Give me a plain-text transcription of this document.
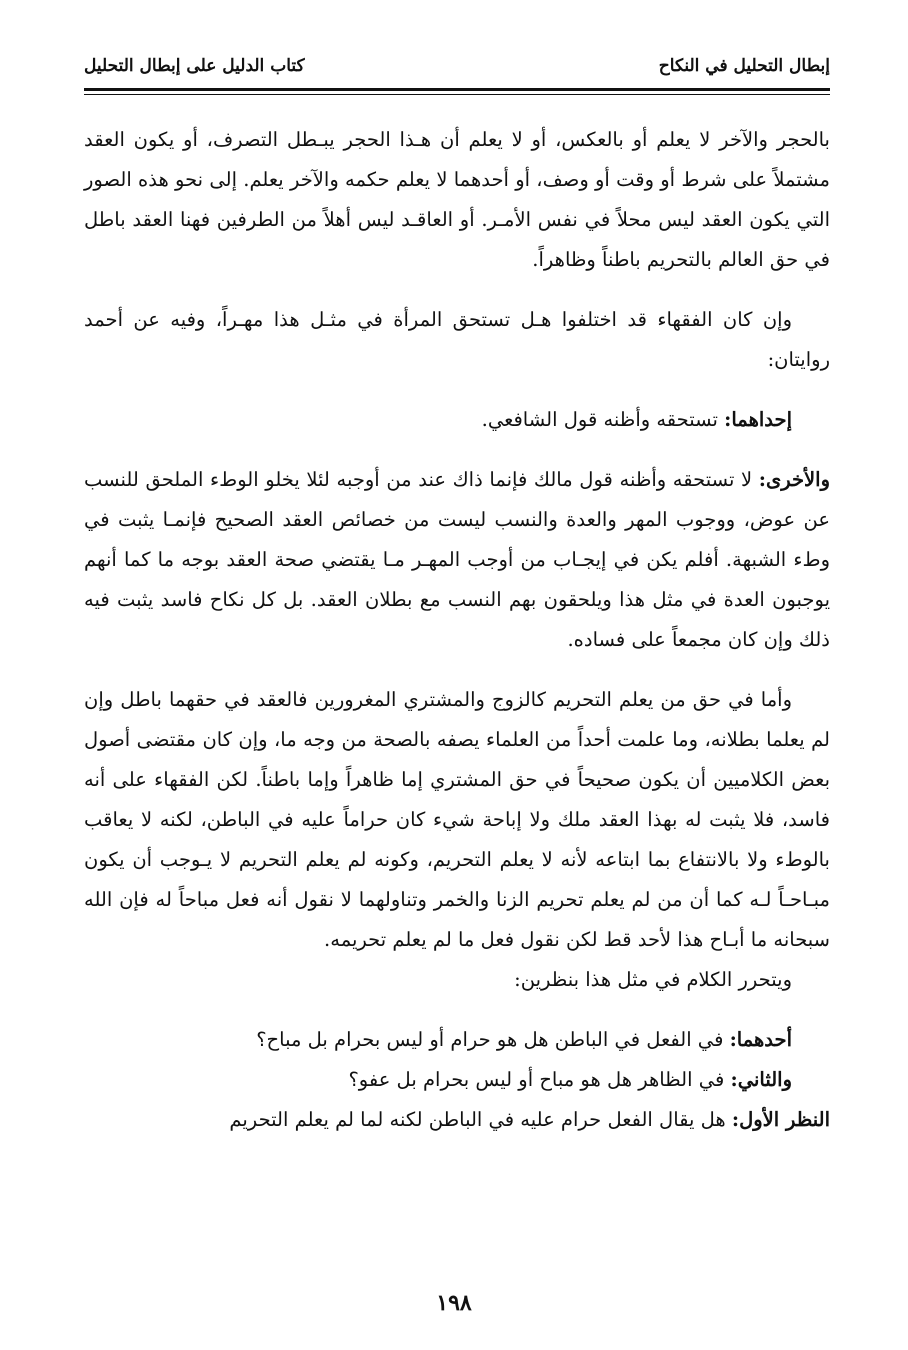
إبطال التحليل في النكاح
كتاب الدليل على إبطال التحليل

بالحجر والآخر لا يعلم أو بالعكس، أو لا يعلم أن هـذا الحجر يبـطل التصرف، أو يكون العقد مشتملاً على شرط أو وقت أو وصف، أو أحدهما لا يعلم حكمه والآخر يعلم. إلى نحو هذه الصور التي يكون العقد ليس محلاً في نفس الأمـر. أو العاقـد ليس أهلاً من الطرفين فهنا العقد باطل في حق العالم بالتحريم باطناً وظاهراً.

وإن كان الفقهاء قد اختلفوا هـل تستحق المرأة في مثـل هذا مهـراً، وفيه عن أحمد روايتان:

إحداهما: تستحقه وأظنه قول الشافعي.

والأخرى: لا تستحقه وأظنه قول مالك فإنما ذاك عند من أوجبه لئلا يخلو الوطء الملحق للنسب عن عوض، ووجوب المهر والعدة والنسب ليست من خصائص العقد الصحيح فإنمـا يثبت في وطء الشبهة. أفلم يكن في إيجـاب من أوجب المهـر مـا يقتضي صحة العقد بوجه ما كما أنهم يوجبون العدة في مثل هذا ويلحقون بهم النسب مع بطلان العقد. بل كل نكاح فاسد يثبت فيه ذلك وإن كان مجمعاً على فساده.

وأما في حق من يعلم التحريم كالزوج والمشتري المغرورين فالعقد في حقهما باطل وإن لم يعلما بطلانه، وما علمت أحداً من العلماء يصفه بالصحة من وجه ما، وإن كان مقتضى أصول بعض الكلاميين أن يكون صحيحاً في حق المشتري إما ظاهراً وإما باطناً. لكن الفقهاء على أنه فاسد، فلا يثبت له بهذا العقد ملك ولا إباحة شيء كان حراماً عليه في الباطن، لكنه لا يعاقب بالوطء ولا بالانتفاع بما ابتاعه لأنه لا يعلم التحريم، وكونه لم يعلم التحريم لا يـوجب أن يكون مبـاحـاً لـه كما أن من لم يعلم تحريم الزنا والخمر وتناولهما لا نقول أنه فعل مباحاً له فإن الله سبحانه ما أبـاح هذا لأحد قط لكن نقول فعل ما لم يعلم تحريمه.

ويتحرر الكلام في مثل هذا بنظرين:

أحدهما: في الفعل في الباطن هل هو حرام أو ليس بحرام بل مباح؟

والثاني: في الظاهر هل هو مباح أو ليس بحرام بل عفو؟

النظر الأول: هل يقال الفعل حرام عليه في الباطن لكنه لما لم يعلم التحريم

١٩٨
